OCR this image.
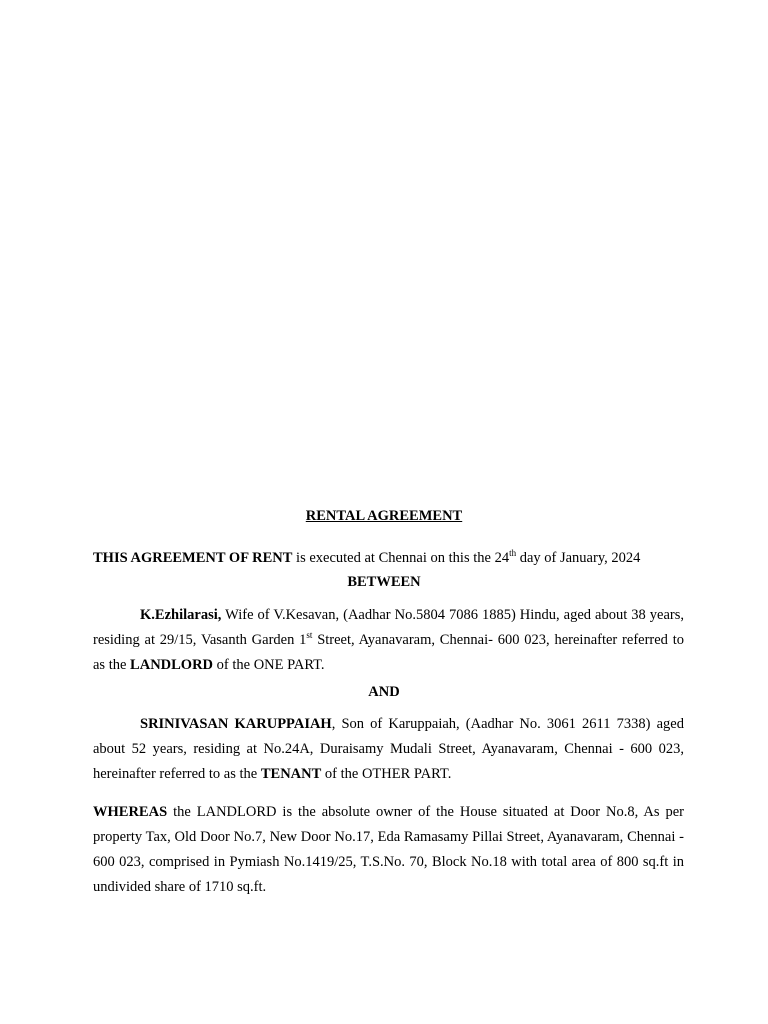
RENTAL AGREEMENT
THIS AGREEMENT OF RENT is executed at Chennai on this the 24th day of January, 2024
BETWEEN
K.Ezhilarasi, Wife of V.Kesavan, (Aadhar No.5804 7086 1885) Hindu, aged about 38 years, residing at 29/15, Vasanth Garden 1st Street, Ayanavaram, Chennai- 600 023, hereinafter referred to as the LANDLORD of the ONE PART.
AND
SRINIVASAN KARUPPAIAH, Son of Karuppaiah, (Aadhar No. 3061 2611 7338) aged about 52 years, residing at No.24A, Duraisamy Mudali Street, Ayanavaram, Chennai - 600 023, hereinafter referred to as the TENANT of the OTHER PART.
WHEREAS the LANDLORD is the absolute owner of the House situated at Door No.8, As per property Tax, Old Door No.7, New Door No.17, Eda Ramasamy Pillai Street, Ayanavaram, Chennai - 600 023, comprised in Pymiash No.1419/25, T.S.No. 70, Block No.18 with total area of 800 sq.ft in undivided share of 1710 sq.ft.
